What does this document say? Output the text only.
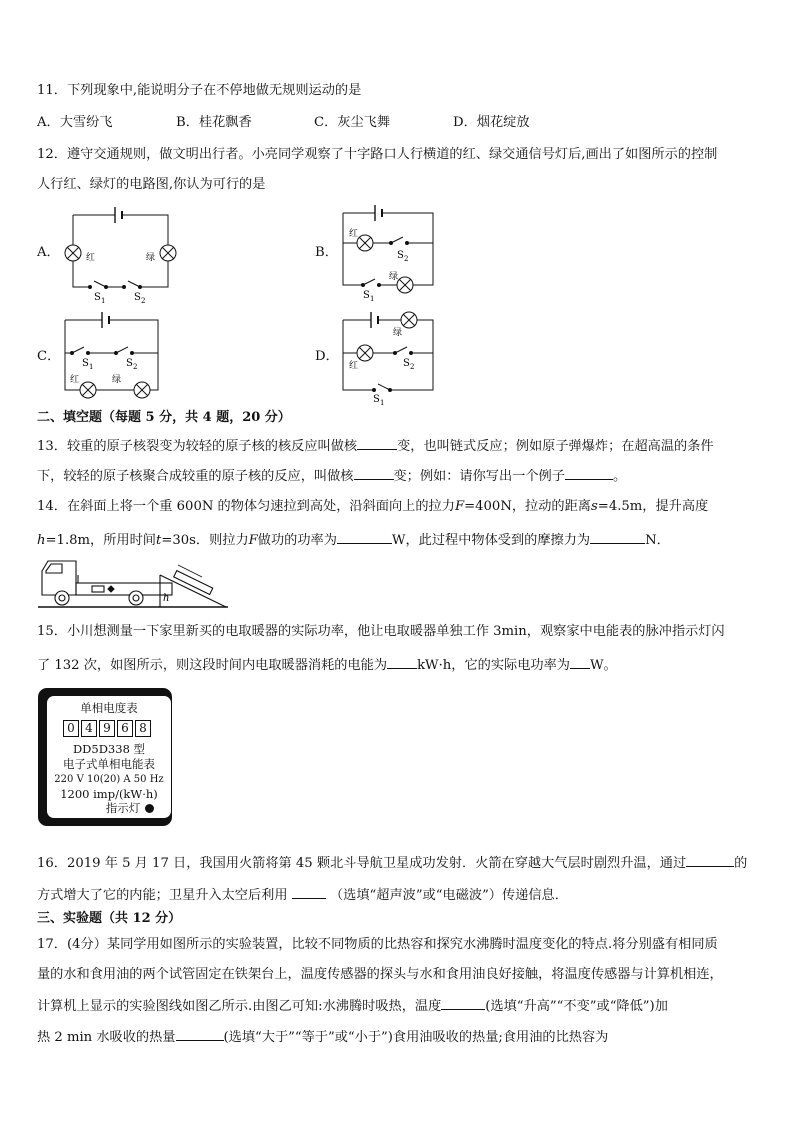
11．下列现象中,能说明分子在不停地做无规则运动的是
A．大雪纷飞	B．桂花飘香	C．灰尘飞舞	D．烟花绽放
12．遵守交通规则，做文明出行者。小亮同学观察了十字路口人行横道的红、绿交通信号灯后,画出了如图所示的控制
人行红、绿灯的电路图,你认为可行的是
A．	B．
C．	D．
红	绿
S 1	S 2
红
S 2
绿
S 1
S 1	S 2
红	绿
红
绿
S 2
S 1
二、填空题（每题 5 分，共 4 题，20 分）
13．较重的原子核裂变为较轻的原子核的核反应叫做核	变，也叫链式反应；例如原子弹爆炸；在超高温的条件
下，较轻的原子核聚合成较重的原子核的反应，叫做核	变；例如：请你写出一个例子	。
14．在斜面上将一个重 600N 的物体匀速拉到高处，沿斜面向上的拉力F=400N，拉动的距离s=4.5m，提升高度
h=1.8m，所用时间t=30s．则拉力F做功的功率为	W，此过程中物体受到的摩擦力为	N．
h
15．小川想测量一下家里新买的电取暖器的实际功率，他让电取暖器单独工作 3min，观察家中电能表的脉冲指示灯闪
了 132 次，如图所示，则这段时间内电取暖器消耗的电能为 kW·h，它的实际电功率为 W。
单相电度表
0 4 9 6 8
DD5D338 型
电子式单相电能表
220 V 10(20) A 50 Hz
1200 imp/(kW·h)
指示灯
16．2019 年 5 月 17 日，我国用火箭将第 45 颗北斗导航卫星成功发射．火箭在穿越大气层时剧烈升温，通过	的
方式增大了它的内能；卫星升入太空后利用	（选填“超声波”或“电磁波”）传递信息．
三、实验题（共 12 分）
17．(4分）某同学用如图所示的实验装置，比较不同物质的比热容和探究水沸腾时温度变化的特点.将分别盛有相同质
量的水和食用油的两个试管固定在铁架台上，温度传感器的探头与水和食用油良好接触，将温度传感器与计算机相连，
计算机上显示的实验图线如图乙所示.由图乙可知:水沸腾时吸热，温度	(选填“升高”“不变”或“降低”)加
热 2 min 水吸收的热量	(选填“大于”“等于”或“小于”)食用油吸收的热量;食用油的比热容为
